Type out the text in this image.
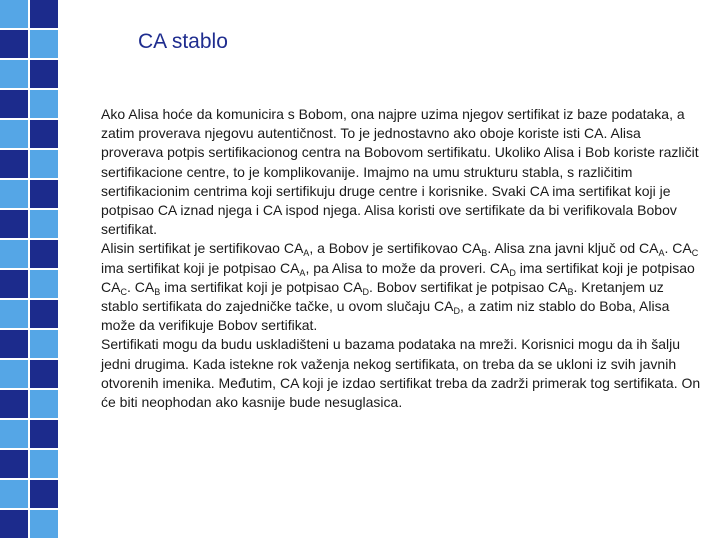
CA stablo

Ako Alisa hoće da komunicira s Bobom, ona najpre uzima njegov sertifikat iz baze podataka, a zatim proverava njegovu autentičnost. To je jednostavno ako oboje koriste isti CA. Alisa proverava potpis sertifikacionog centra na Bobovom sertifikatu. Ukoliko Alisa i Bob koriste različit sertifikacione centre, to je komplikovanije. Imajmo na umu strukturu stabla, s različitim sertifikacionim centrima koji sertifikuju druge centre i korisnike. Svaki CA ima sertifikat koji je potpisao CA iznad njega i CA ispod njega. Alisa koristi ove sertifikate da bi verifikovala Bobov sertifikat.

Alisin sertifikat je sertifikovao $CA_A$, a Bobov je sertifikovao $CA_B$. Alisa zna javni ključ od $CA_A$. $CA_C$ ima sertifikat koji je potpisao $CA_A$, pa Alisa to može da proveri. $CA_D$ ima sertifikat koji je potpisao $CA_C$. $CA_B$ ima sertifikat koji je potpisao $CA_D$. Bobov sertifikat je potpisao $CA_B$. Kretanjem uz stablo sertifikata do zajedničke tačke, u ovom slučaju $CA_D$, a zatim niz stablo do Boba, Alisa može da verifikuje Bobov sertifikat.

Sertifikati mogu da budu uskladišteni u bazama podataka na mreži. Korisnici mogu da ih šalju jedni drugima. Kada istekne rok važenja nekog sertifikata, on treba da se ukloni iz svih javnih otvorenih imenika. Međutim, CA koji je izdao sertifikat treba da zadrži primerak tog sertifikata. On će biti neophodan ako kasnije bude nesuglasica.
